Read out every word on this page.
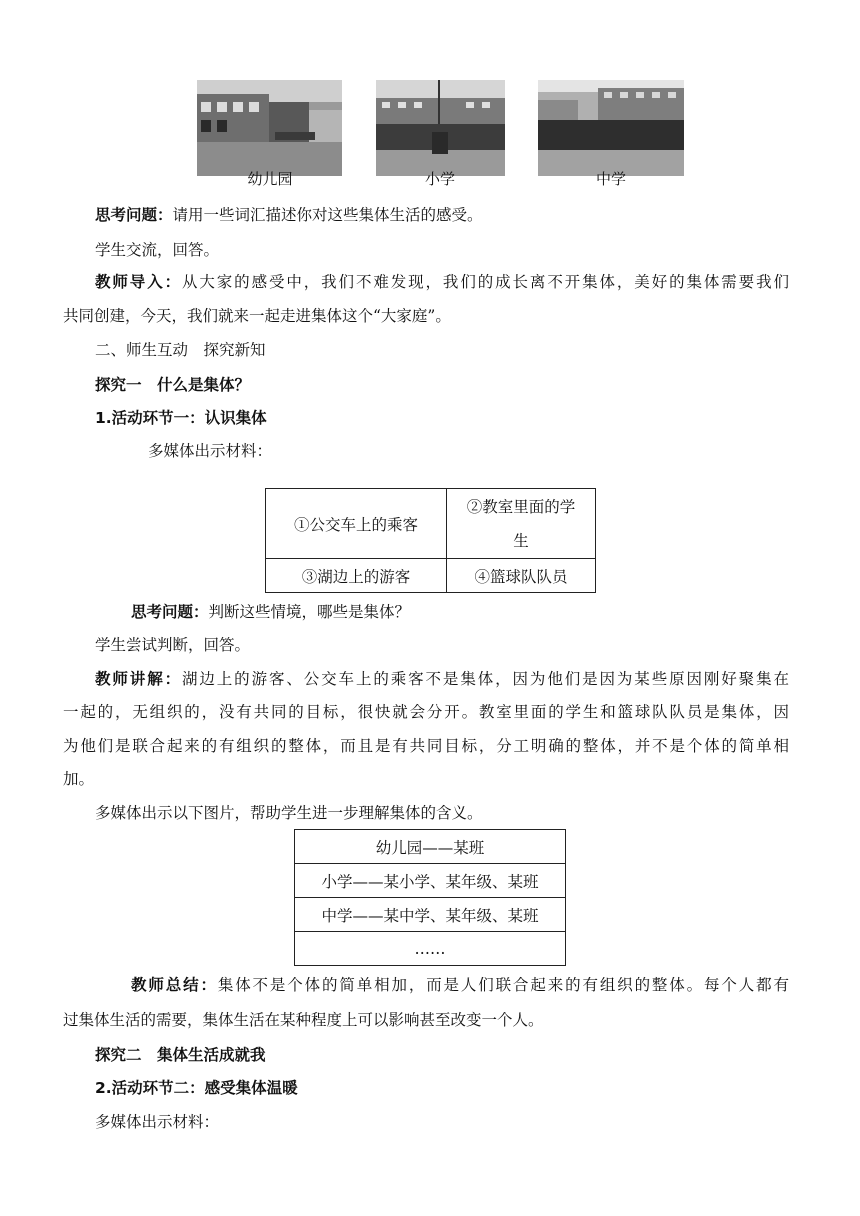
幼儿园	小学	中学
思考问题：请用一些词汇描述你对这些集体生活的感受。
学生交流，回答。
教师导入：从大家的感受中，我们不难发现，我们的成长离不开集体，美好的集体需要我们
共同创建，今天，我们就来一起走进集体这个“大家庭”。
二、师生互动　探究新知
探究一　什么是集体？
1.活动环节一：认识集体
多媒体出示材料：
①公交车上的乘客	②教室里面的学
生
③湖边上的游客	④篮球队队员
思考问题：判断这些情境，哪些是集体？
学生尝试判断，回答。
教师讲解：湖边上的游客、公交车上的乘客不是集体，因为他们是因为某些原因刚好聚集在
一起的，无组织的，没有共同的目标，很快就会分开。教室里面的学生和篮球队队员是集体，因
为他们是联合起来的有组织的整体，而且是有共同目标，分工明确的整体，并不是个体的简单相
加。
多媒体出示以下图片，帮助学生进一步理解集体的含义。
幼儿园——某班
小学——某小学、某年级、某班
中学——某中学、某年级、某班
……
教师总结：集体不是个体的简单相加，而是人们联合起来的有组织的整体。每个人都有
过集体生活的需要，集体生活在某种程度上可以影响甚至改变一个人。
探究二　集体生活成就我
2.活动环节二：感受集体温暖
多媒体出示材料：
